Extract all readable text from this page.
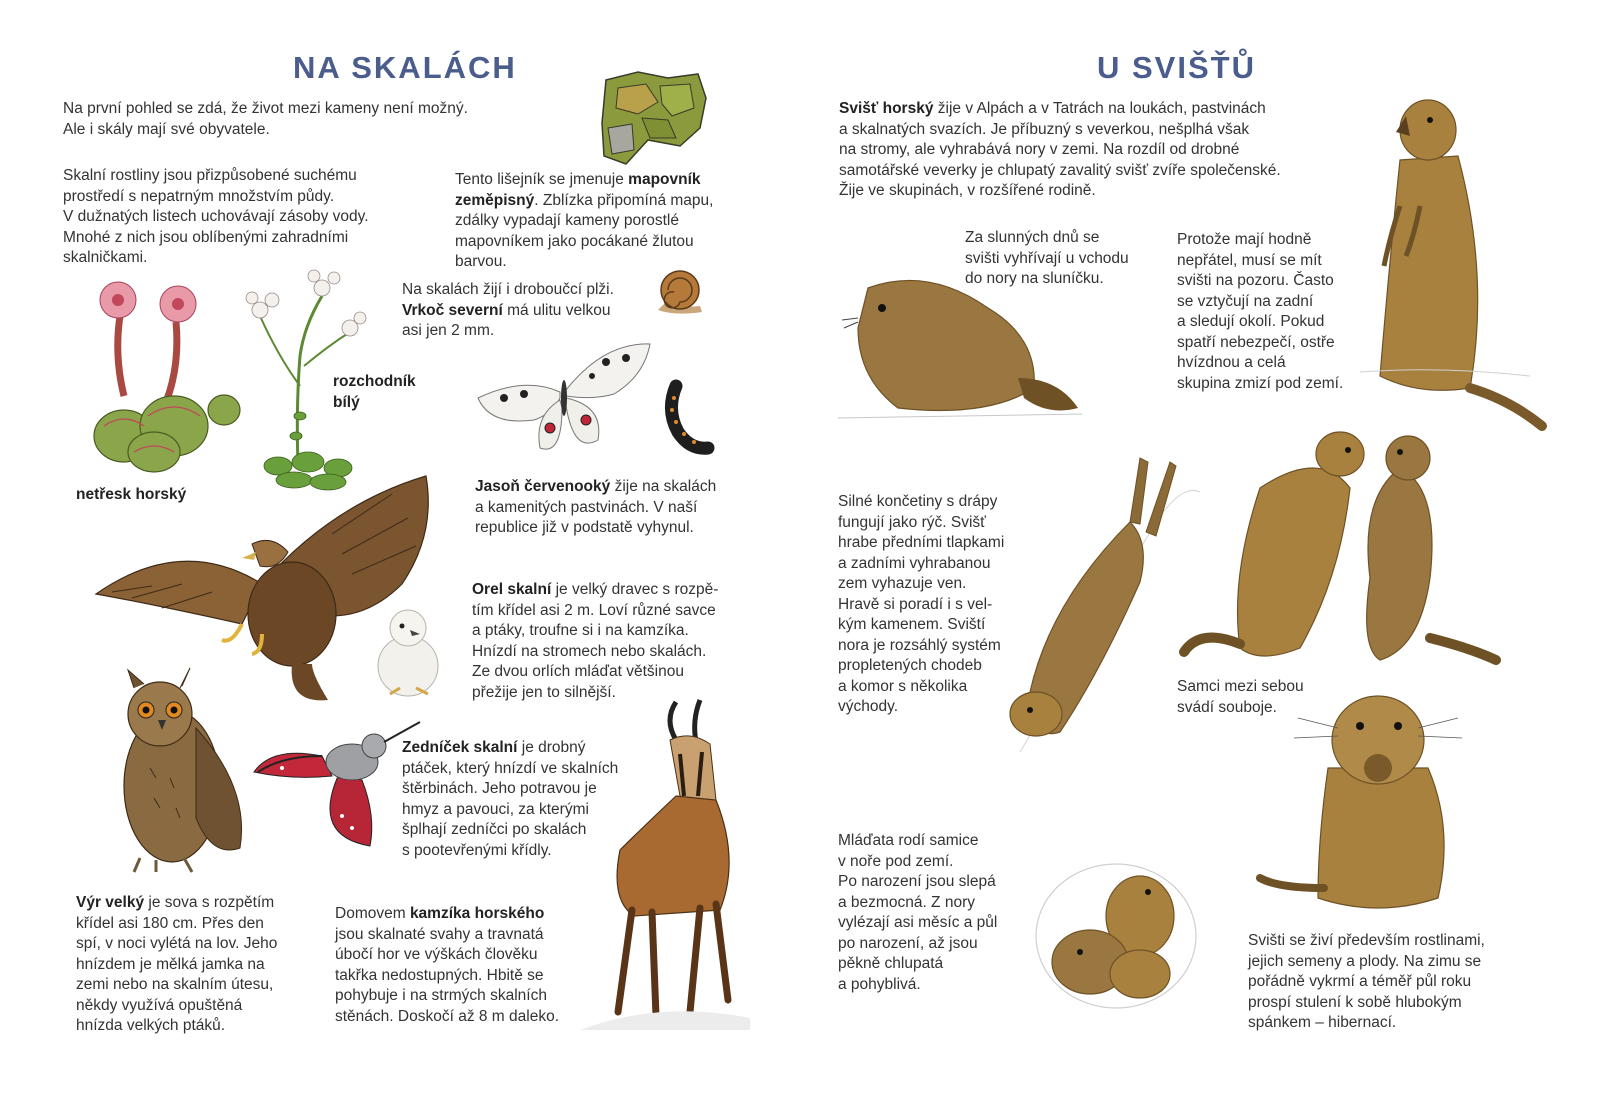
NA SKALÁCH

Na první pohled se zdá, že život mezi kameny není možný.
Ale i skály mají své obyvatele.

Skalní rostliny jsou přizpůsobené suchému
prostředí s nepatrným množstvím půdy.
V dužnatých listech uchovávají zásoby vody.
Mnohé z nich jsou oblíbenými zahradními
skalničkami.

Tento lišejník se jmenuje mapovník
zeměpisný. Zblízka připomíná mapu,
zdálky vypadají kameny porostlé
mapovníkem jako pocákané žlutou
barvou.

Na skalách žijí i droboučcí plži.
Vrkoč severní má ulitu velkou
asi jen 2 mm.

netřesk horský

rozchodník
bílý

Jasoň červenooký žije na skalách
a kamenitých pastvinách. V naší
republice již v podstatě vyhynul.

Orel skalní je velký dravec s rozpě-
tím křídel asi 2 m. Loví různé savce
a ptáky, troufne si i na kamzíka.
Hnízdí na stromech nebo skalách.
Ze dvou orlích mláďat většinou
přežije jen to silnější.

Zedníček skalní je drobný
ptáček, který hnízdí ve skalních
štěrbinách. Jeho potravou je
hmyz a pavouci, za kterými
šplhají zedníčci po skalách
s pootevřenými křídly.

Výr velký je sova s rozpětím
křídel asi 180 cm. Přes den
spí, v noci vylétá na lov. Jeho
hnízdem je mělká jamka na
zemi nebo na skalním útesu,
někdy využívá opuštěná
hnízda velkých ptáků.

Domovem kamzíka horského
jsou skalnaté svahy a travnatá
úbočí hor ve výškách člověku
takřka nedostupných. Hbitě se
pohybuje i na strmých skalních
stěnách. Doskočí až 8 m daleko.

U SVIŠŤŮ

Svišť horský žije v Alpách a v Tatrách na loukách, pastvinách
a skalnatých svazích. Je příbuzný s veverkou, nešplhá však
na stromy, ale vyhrabává nory v zemi. Na rozdíl od drobné
samotářské veverky je chlupatý zavalitý svišť zvíře společenské.
Žije ve skupinách, v rozšířené rodině.

Za slunných dnů se
svišti vyhřívají u vchodu
do nory na sluníčku.

Protože mají hodně
nepřátel, musí se mít
svišti na pozoru. Často
se vztyčují na zadní
a sledují okolí. Pokud
spatří nebezpečí, ostře
hvízdnou a celá
skupina zmizí pod zemí.

Silné končetiny s drápy
fungují jako rýč. Svišť
hrabe předními tlapkami
a zadními vyhrabanou
zem vyhazuje ven.
Hravě si poradí i s vel-
kým kamenem. Sviští
nora je rozsáhlý systém
propletených chodeb
a komor s několika
východy.

Samci mezi sebou
svádí souboje.

Mláďata rodí samice
v noře pod zemí.
Po narození jsou slepá
a bezmocná. Z nory
vylézají asi měsíc a půl
po narození, až jsou
pěkně chlupatá
a pohyblivá.

Svišti se živí především rostlinami,
jejich semeny a plody. Na zimu se
pořádně vykrmí a téměř půl roku
prospí stulení k sobě hlubokým
spánkem – hibernací.
